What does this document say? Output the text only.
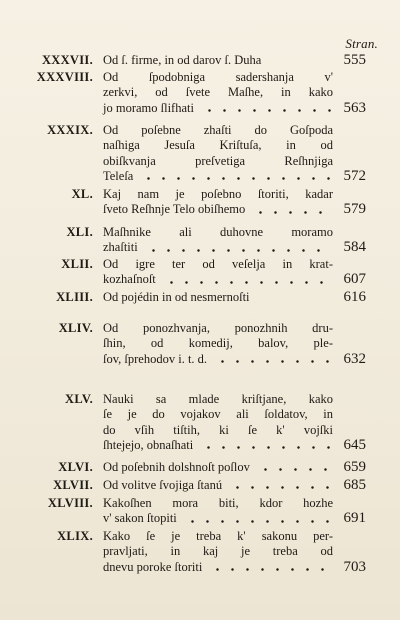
Stran.
XXXVII. Od ſ. firme, in od darov ſ. Duha	555
XXXVIII. Od ſpodobniga sadershanja v'
zerkvi, od ſvete Maſhe, in kako
jo moramo ſlifhati	563
XXXIX. Od poſebne zhaſti do Goſpoda
naſhiga Jesuſa Kriſtuſa, in od
obiſkvanja preſvetiga Reſhnjiga
Teleſa	572
XL. Kaj nam je poſebno ſtoriti, kadar
ſveto Reſhnje Telo obiſhemo	579
XLI. Maſhnike ali duhovne moramo
zhaſtiti	584
XLII. Od igre ter od veſelja in krat-
kozhaſnoſt	607
XLIII. Od pojédin in od nesmernoſti	616
XLIV. Od ponozhvanja, ponozhnih dru-
ſhin, od komedij, balov, ple-
ſov, ſprehodov i. t. d.	632
XLV. Nauki sa mlade kriſtjane, kako
ſe je do vojakov ali ſoldatov, in
do vſih tiſtih, ki ſe k' vojſki
ſhtejejo, obnaſhati	645
XLVI. Od poſebnih dolshnoſt poſlov	659
XLVII. Od volitve ſvojiga ſtanú	685
XLVIII. Kakoſhen mora biti, kdor hozhe
v' sakon ſtopiti	691
XLIX. Kako ſe je treba k' sakonu per-
pravljati, in kaj je treba od
dnevu poroke ſtoriti	703
